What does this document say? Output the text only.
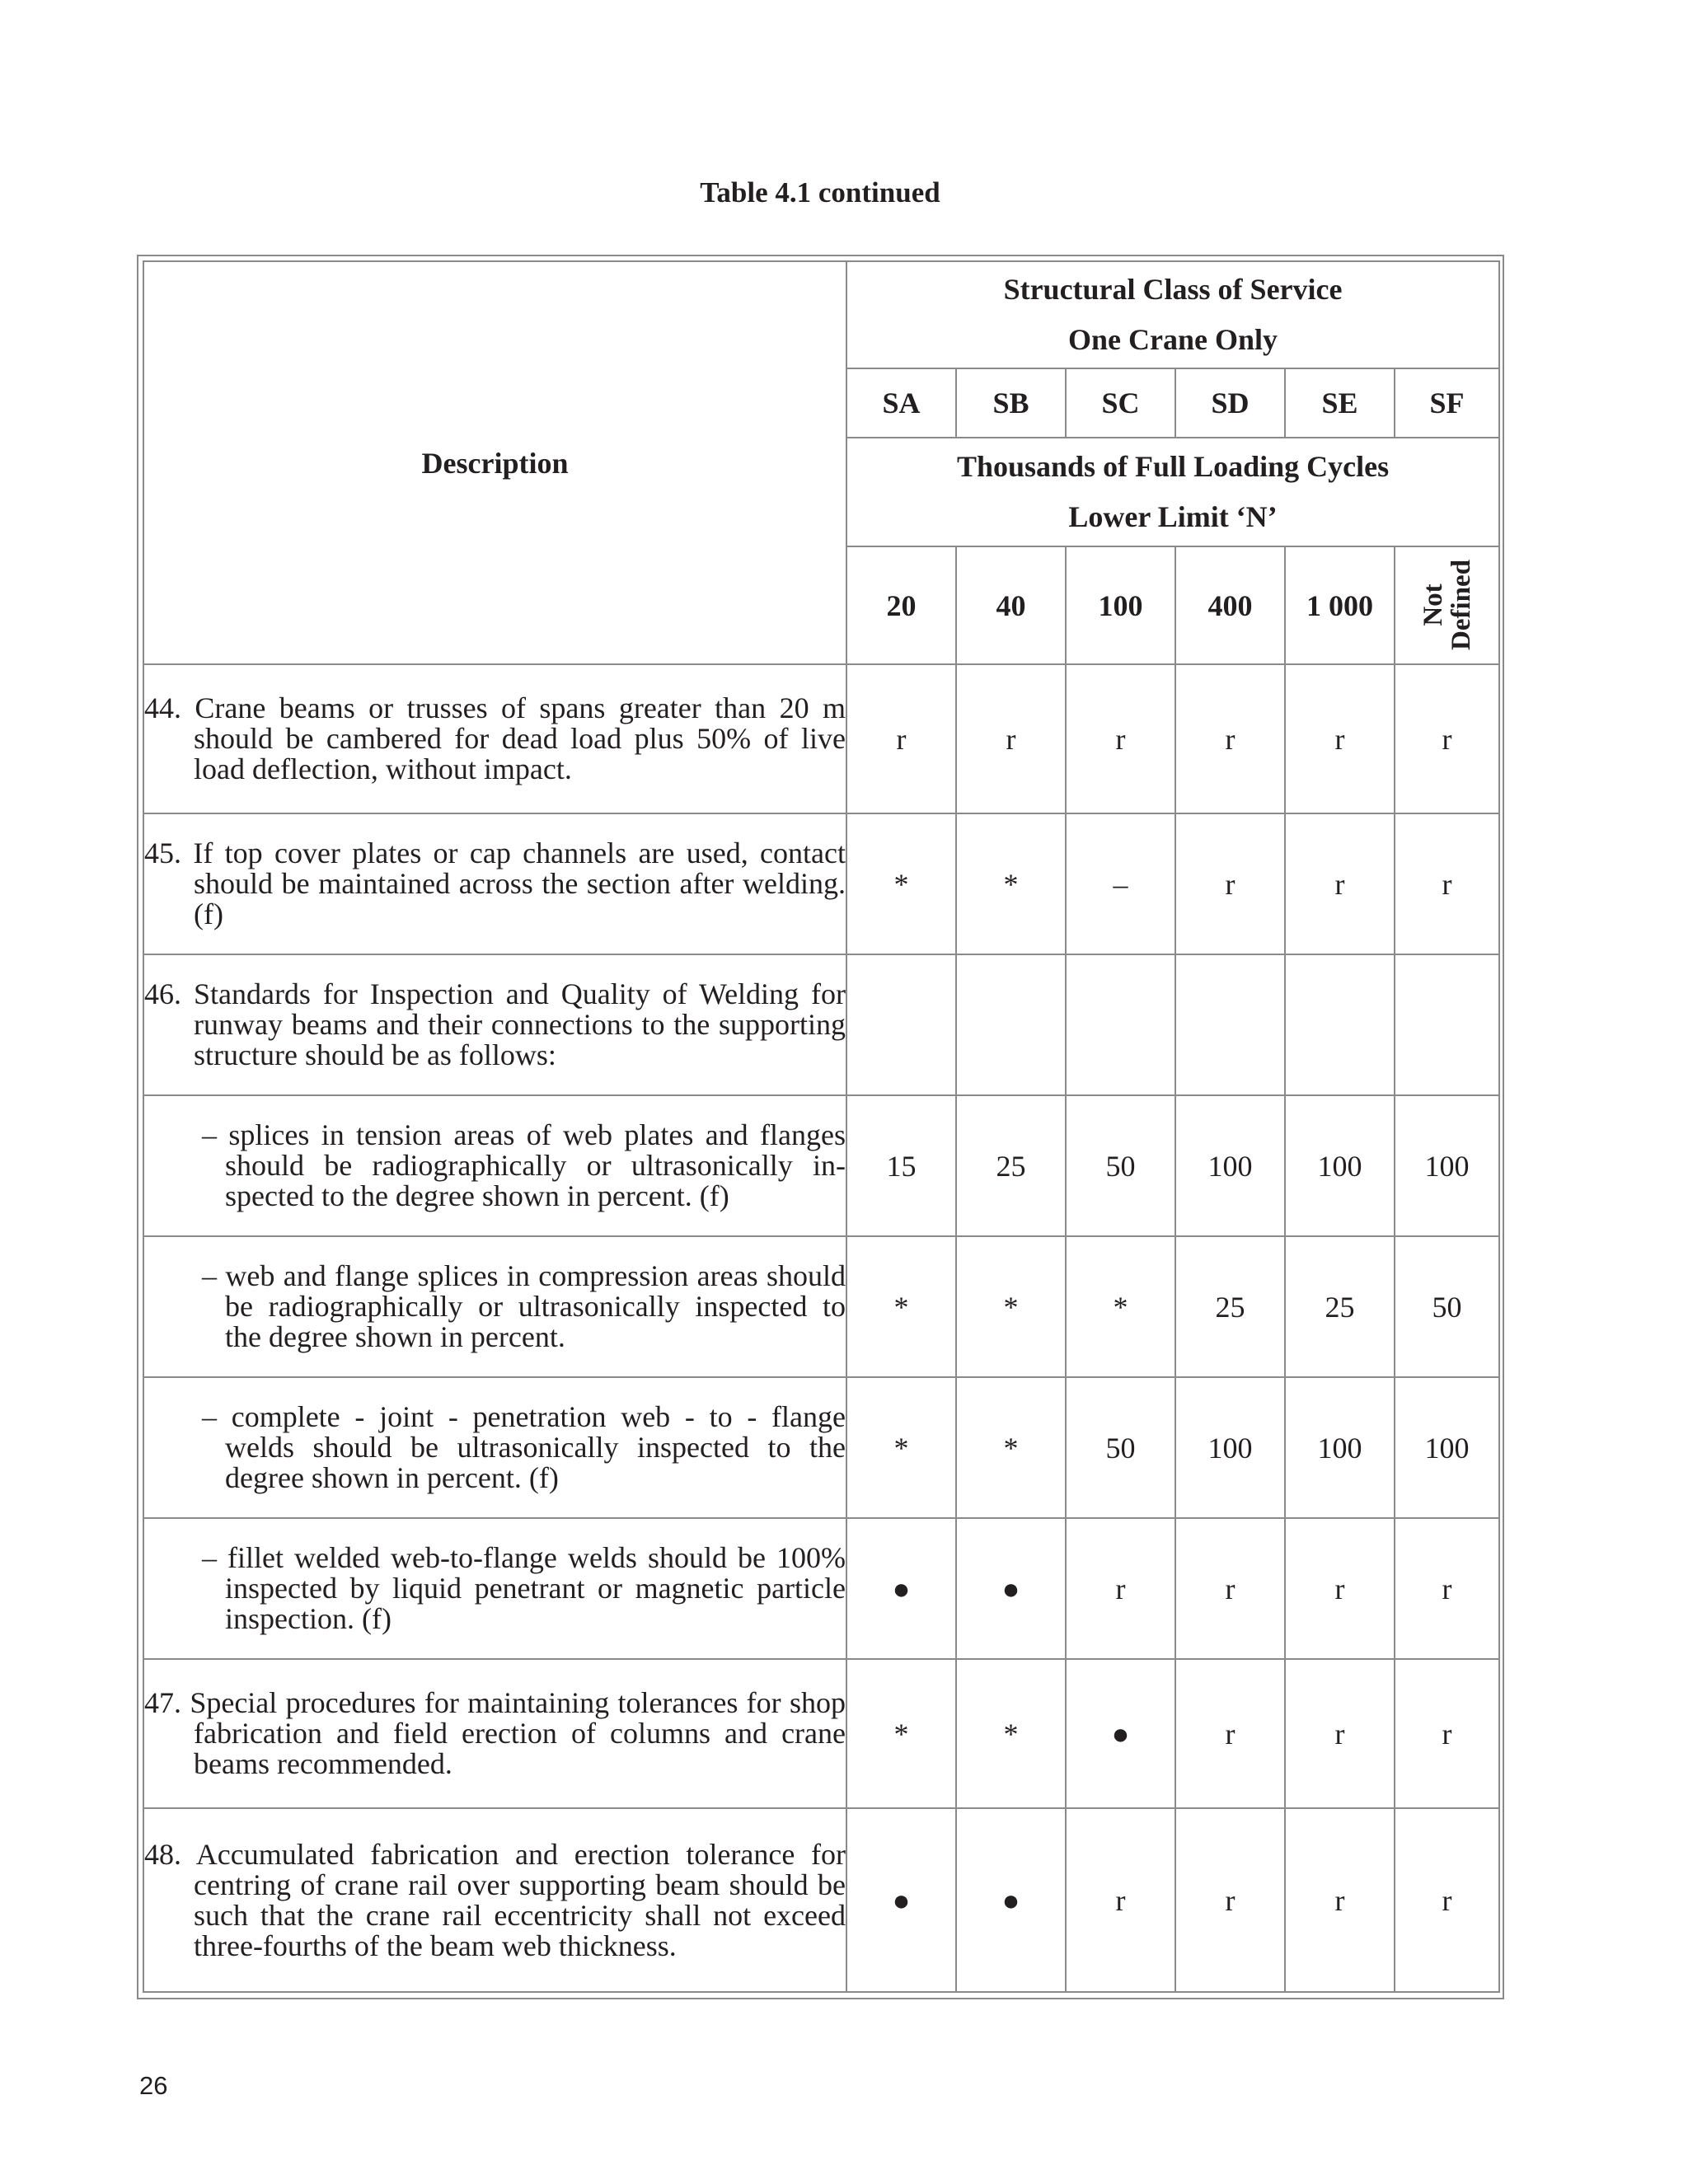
Table 4.1 continued
Description	Structural Class of Service
One Crane Only					

	SA	SB	SC	SD	SE	SF

	Thousands of Full Loading Cycles
Lower Limit ‘N’					

	20	40	100	400	1 000	Not
Defined

44. Crane beams or trusses of spans greater than 20 m should be cambered for dead load plus 50% of live load deflection, without impact.	r	r	r	r	r	r

45. If top cover plates or cap channels are used, contact should be maintained across the section after welding. (f)	*	*	–	r	r	r

46. Standards for Inspection and Quality of Welding for runway beams and their connections to the supporting structure should be as follows:						

– splices in tension areas of web plates and flanges should be radiographically or ultrasonically in-spected to the degree shown in percent. (f)	15	25	50	100	100	100

– web and flange splices in compression areas should be radiographically or ultrasonically inspected to the degree shown in percent.	*	*	*	25	25	50

– complete - joint - penetration web - to - flange welds should be ultrasonically inspected to the degree shown in percent. (f)	*	*	50	100	100	100

– fillet welded web-to-flange welds should be 100% inspected by liquid penetrant or magnetic particle inspection. (f)	●	●	r	r	r	r

47. Special procedures for maintaining tolerances for shop fabrication and field erection of columns and crane beams recommended.	*	*	●	r	r	r

48. Accumulated fabrication and erection tolerance for centring of crane rail over supporting beam should be such that the crane rail eccentricity shall not exceed three-fourths of the beam web thickness.	●	●	r	r	r	r
26
